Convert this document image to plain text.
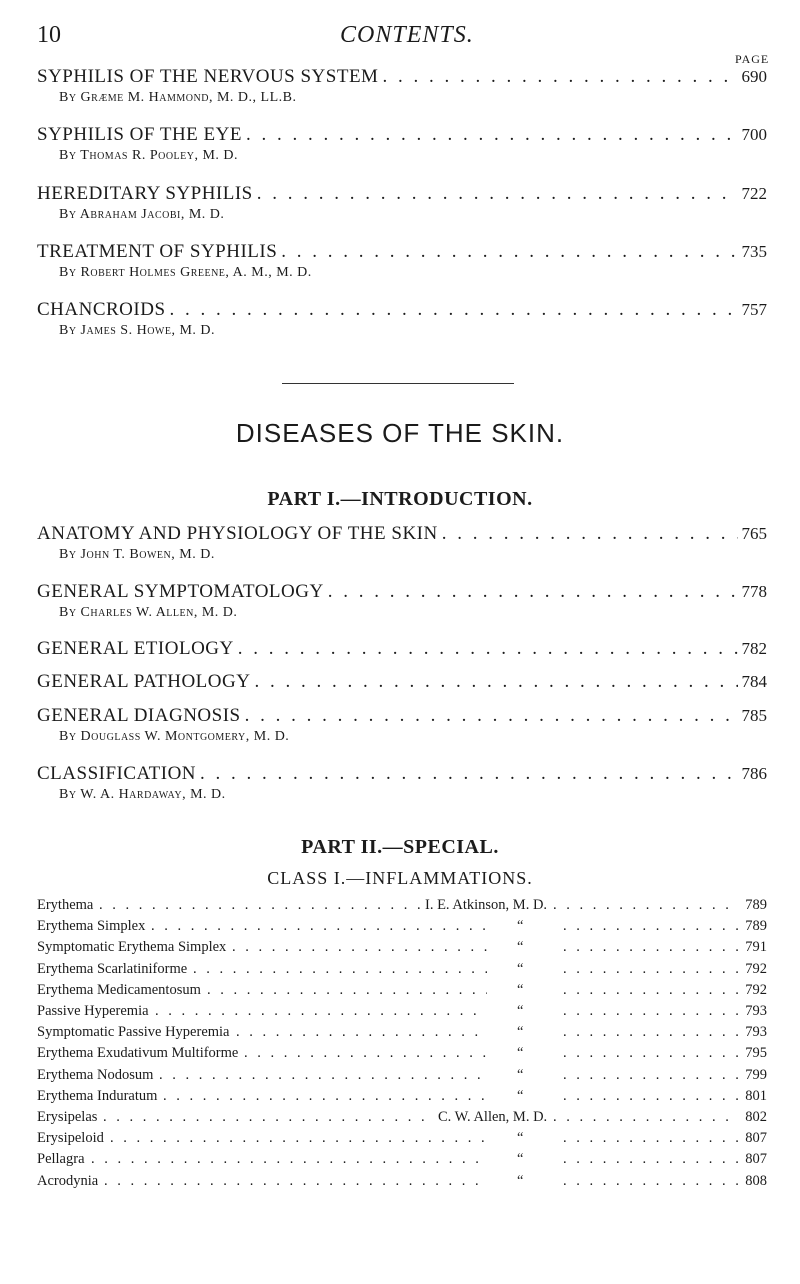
10	CONTENTS.
PAGE
SYPHILIS OF THE NERVOUS SYSTEM . . .	690
By Græme M. Hammond, M. D., LL.B.
SYPHILIS OF THE EYE . . .	700
By Thomas R. Pooley, M. D.
HEREDITARY SYPHILIS . . .	722
By Abraham Jacobi, M. D.
TREATMENT OF SYPHILIS . . .	735
By Robert Holmes Greene, A. M., M. D.
CHANCROIDS . . .	757
By James S. Howe, M. D.
DISEASES OF THE SKIN.
PART I.—INTRODUCTION.
ANATOMY AND PHYSIOLOGY OF THE SKIN . . .	765
By John T. Bowen, M. D.
GENERAL SYMPTOMATOLOGY . . .	778
By Charles W. Allen, M. D.
GENERAL ETIOLOGY . . .	782
GENERAL PATHOLOGY . . .	784
GENERAL DIAGNOSIS . . .	785
By Douglass W. Montgomery, M. D.
CLASSIFICATION . . .	786
By W. A. Hardaway, M. D.
PART II.—SPECIAL.
CLASS I.—INFLAMMATIONS.
Erythema . . .	I. E. Atkinson, M. D. . . .	789
Erythema Simplex . . .	“ . . .	789
Symptomatic Erythema Simplex . . .	“ . . .	791
Erythema Scarlatiniforme . . .	“ . . .	792
Erythema Medicamentosum . . .	“ . . .	792
Passive Hyperemia . . .	“ . . .	793
Symptomatic Passive Hyperemia . . .	“ . . .	793
Erythema Exudativum Multiforme . . .	“ . . .	795
Erythema Nodosum . . .	“ . . .	799
Erythema Induratum . . .	“ . . .	801
Erysipelas . . .	C. W. Allen, M. D. . . .	802
Erysipeloid . . .	“ . . .	807
Pellagra . . .	“ . . .	807
Acrodynia . . .	“ . . .	808
